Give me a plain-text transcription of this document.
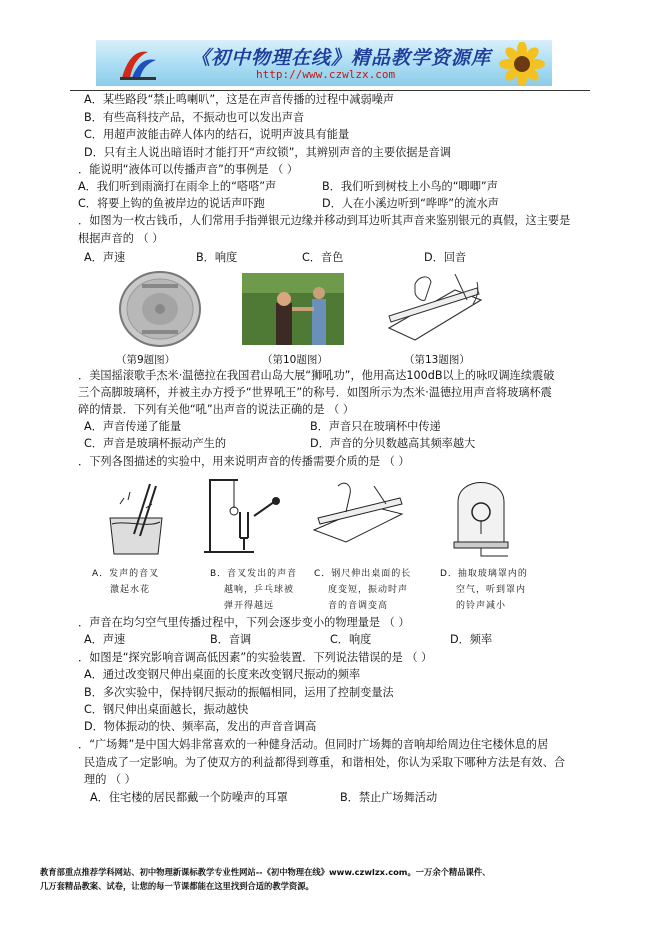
《初中物理在线》精品教学资源库
http://www.czwlzx.com
A．某些路段“禁止鸣喇叭”，这是在声音传播的过程中减弱噪声
B．有些高科技产品，不振动也可以发出声音
C．用超声波能击碎人体内的结石，说明声波具有能量
D．只有主人说出暗语时才能打开“声纹锁”，其辨别声音的主要依据是音调
．能说明“液体可以传播声音”的事例是 （ ）
A．我们听到雨滴打在雨伞上的“嗒嗒”声	B．我们听到树枝上小鸟的“唧唧”声
C．将要上钩的鱼被岸边的说话声吓跑	D．人在小溪边听到“哗哗”的流水声
．如图为一枚古钱币，人们常用手指弹银元边缘并移动到耳边听其声音来鉴别银元的真假，这主要是
根据声音的 （ ）
A．声速	B．响度	C．音色	D．回音
（第9题图）	（第10题图）	（第13题图）
．美国摇滚歌手杰米·温德拉在我国君山岛大展“狮吼功”，他用高达100dB以上的咏叹调连续震破
三个高脚玻璃杯，并被主办方授予“世界吼王”的称号．如图所示为杰米·温德拉用声音将玻璃杯震
碎的情景．下列有关他“吼”出声音的说法正确的是 （ ）
A．声音传递了能量	B．声音只在玻璃杯中传递
C．声音是玻璃杯振动产生的	D．声音的分贝数越高其频率越大
．下列各图描述的实验中，用来说明声音的传播需要介质的是 （ ）
A．发声的音叉
激起水花
B．音叉发出的声音
越响，乒乓球被
弹开得越远
C．钢尺伸出桌面的长
度变短，振动时声
音的音调变高
D．抽取玻璃罩内的
空气，听到罩内
的铃声减小
．声音在均匀空气里传播过程中，下列会逐步变小的物理量是 （ ）
A．声速	B．音调	C．响度	D．频率
．如图是“探究影响音调高低因素”的实验装置．下列说法错误的是 （ ）
A．通过改变钢尺伸出桌面的长度来改变钢尺振动的频率
B．多次实验中，保持钢尺振动的振幅相同，运用了控制变量法
C．钢尺伸出桌面越长，振动越快
D．物体振动的快、频率高，发出的声音音调高
．“广场舞”是中国大妈非常喜欢的一种健身活动。但同时广场舞的音响却给周边住宅楼休息的居
民造成了一定影响。为了使双方的利益都得到尊重，和谐相处，你认为采取下哪种方法是有效、合
理的 （ ）
A．住宅楼的居民都戴一个防噪声的耳罩	B．禁止广场舞活动
教育部重点推荐学科网站、初中物理新课标教学专业性网站--《初中物理在线》www.czwlzx.com。一万余个精品课件、
几万套精品教案、试卷，让您的每一节课都能在这里找到合适的教学资源。
